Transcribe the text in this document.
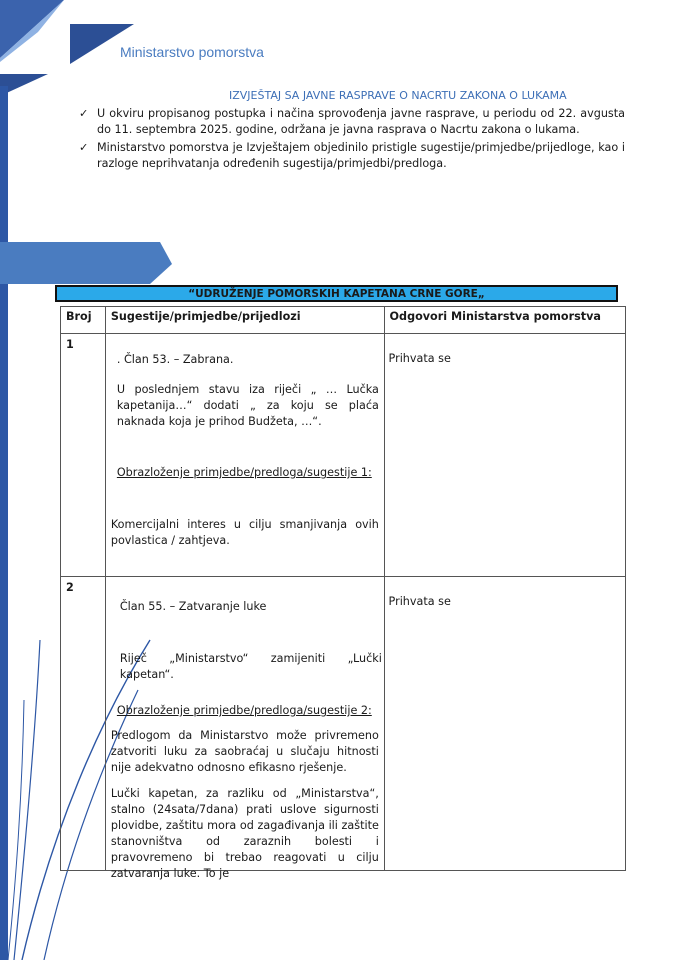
Ministarstvo pomorstva
IZVJEŠTAJ SA JAVNE RASPRAVE O NACRTU ZAKONA O LUKAMA
✓ U okviru propisanog postupka i načina sprovođenja javne rasprave, u periodu od 22. avgusta do 11. septembra 2025. godine, održana je javna rasprava o Nacrtu zakona o lukama.
✓ Ministarstvo pomorstva je Izvještajem objedinilo pristigle sugestije/primjedbe/prijedloge, kao i razloge neprihvatanja određenih sugestija/primjedbi/predloga.
“UDRUŽENJE POMORSKIH KAPETANA CRNE GORE„
Broj	Sugestije/primjedbe/prijedlozi	Odgovori Ministarstva pomorstva
1	. Član 53. – Zabrana.
U poslednjem stavu iza riječi „ … Lučka kapetanija…“ dodati „ za koju se plaća naknada koja je prihod Budžeta, …“.
Obrazloženje primjedbe/predloga/sugestije 1:
Komercijalni interes u cilju smanjivanja ovih povlastica / zahtjeva.	Prihvata se
2	Član 55. – Zatvaranje luke
Riječ „Ministarstvo“ zamijeniti „Lučki kapetan“.
Obrazloženje primjedbe/predloga/sugestije 2:
Predlogom da Ministarstvo može privremeno zatvoriti luku za saobraćaj u slučaju hitnosti nije adekvatno odnosno efikasno rješenje.
Lučki kapetan, za razliku od „Ministarstva“, stalno (24sata/7dana) prati uslove sigurnosti plovidbe, zaštitu mora od zagađivanja ili zaštite stanovništva od zaraznih bolesti i pravovremeno bi trebao reagovati u cilju zatvaranja luke. To je	Prihvata se
